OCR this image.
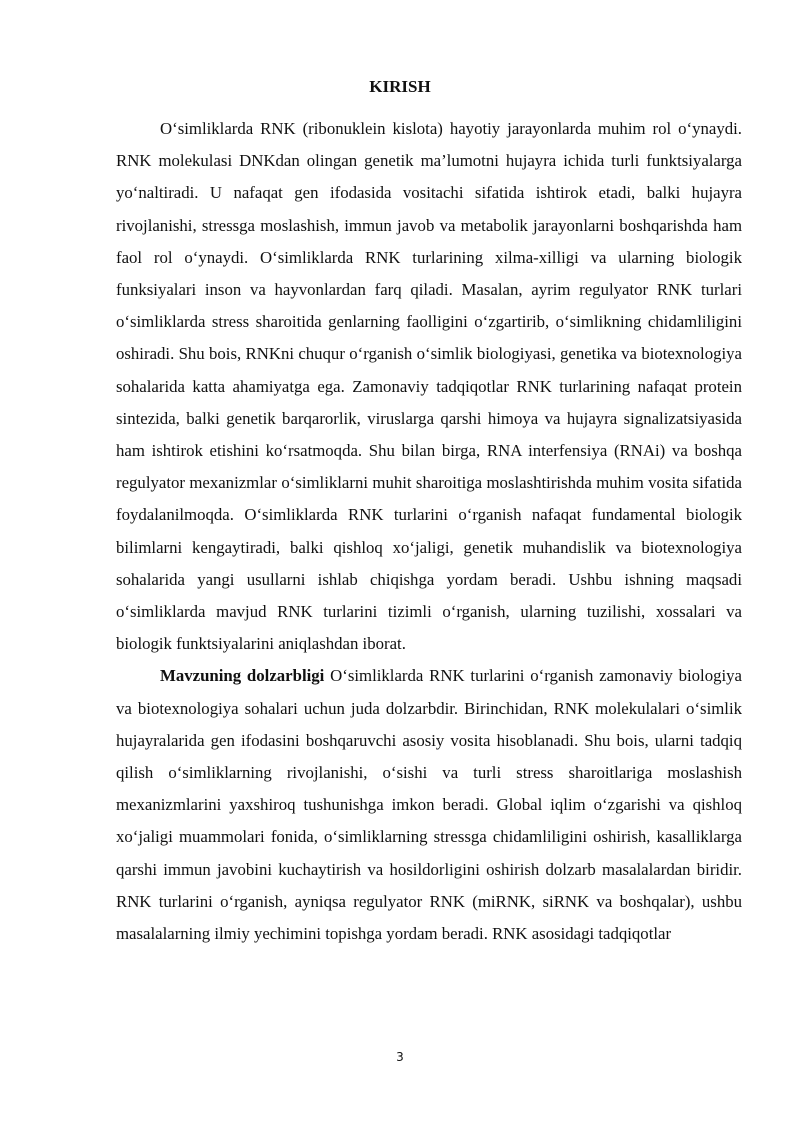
KIRISH

O‘simliklarda RNK (ribonuklein kislota) hayotiy jarayonlarda muhim rol o‘ynaydi. RNK molekulasi DNKdan olingan genetik ma’lumotni hujayra ichida turli funktsiyalarga yo‘naltiradi. U nafaqat gen ifodasida vositachi sifatida ishtirok etadi, balki hujayra rivojlanishi, stressga moslashish, immun javob va metabolik jarayonlarni boshqarishda ham faol rol o‘ynaydi. O‘simliklarda RNK turlarining xilma-xilligi va ularning biologik funksiyalari inson va hayvonlardan farq qiladi. Masalan, ayrim regulyator RNK turlari o‘simliklarda stress sharoitida genlarning faolligini o‘zgartirib, o‘simlikning chidamliligini oshiradi. Shu bois, RNKni chuqur o‘rganish o‘simlik biologiyasi, genetika va biotexnologiya sohalarida katta ahamiyatga ega. Zamonaviy tadqiqotlar RNK turlarining nafaqat protein sintezida, balki genetik barqarorlik, viruslarga qarshi himoya va hujayra signalizatsiyasida ham ishtirok etishini ko‘rsatmoqda. Shu bilan birga, RNA interfensiya (RNAi) va boshqa regulyator mexanizmlar o‘simliklarni muhit sharoitiga moslashtirishda muhim vosita sifatida foydalanilmoqda. O‘simliklarda RNK turlarini o‘rganish nafaqat fundamental biologik bilimlarni kengaytiradi, balki qishloq xo‘jaligi, genetik muhandislik va biotexnologiya sohalarida yangi usullarni ishlab chiqishga yordam beradi. Ushbu ishning maqsadi o‘simliklarda mavjud RNK turlarini tizimli o‘rganish, ularning tuzilishi, xossalari va biologik funktsiyalarini aniqlashdan iborat.

Mavzuning dolzarbligi O‘simliklarda RNK turlarini o‘rganish zamonaviy biologiya va biotexnologiya sohalari uchun juda dolzarbdir. Birinchidan, RNK molekulalari o‘simlik hujayralarida gen ifodasini boshqaruvchi asosiy vosita hisoblanadi. Shu bois, ularni tadqiq qilish o‘simliklarning rivojlanishi, o‘sishi va turli stress sharoitlariga moslashish mexanizmlarini yaxshiroq tushunishga imkon beradi. Global iqlim o‘zgarishi va qishloq xo‘jaligi muammolari fonida, o‘simliklarning stressga chidamliligini oshirish, kasalliklarga qarshi immun javobini kuchaytirish va hosildorligini oshirish dolzarb masalalardan biridir. RNK turlarini o‘rganish, ayniqsa regulyator RNK (miRNK, siRNK va boshqalar), ushbu masalalarning ilmiy yechimini topishga yordam beradi. RNK asosidagi tadqiqotlar

3
